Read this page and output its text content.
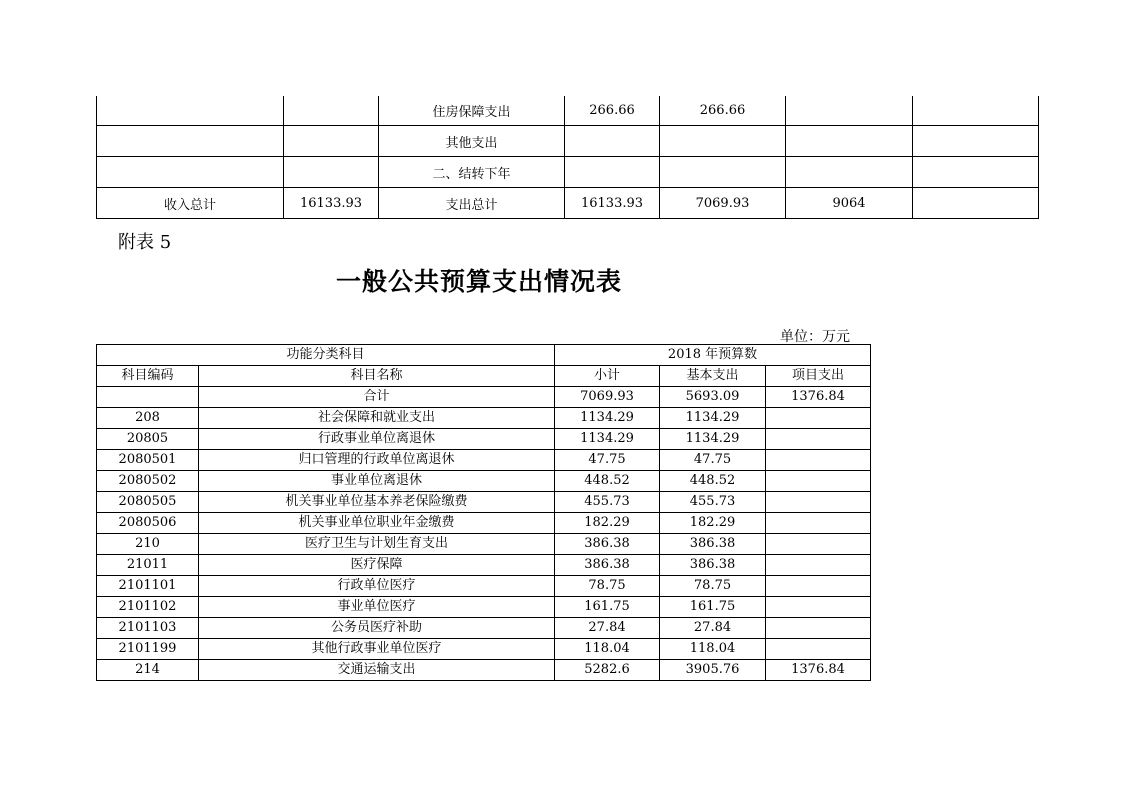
		住房保障支出	266.66	266.66		
		其他支出				
		二、结转下年				
收入总计	16133.93	支出总计	16133.93	7069.93	9064	
附表 5
一般公共预算支出情况表
单位：万元
功能分类科目		2018 年预算数		
科目编码	科目名称	小计	基本支出	项目支出
	合计	7069.93	5693.09	1376.84
208	社会保障和就业支出	1134.29	1134.29	
20805	行政事业单位离退休	1134.29	1134.29	
2080501	归口管理的行政单位离退休	47.75	47.75	
2080502	事业单位离退休	448.52	448.52	
2080505	机关事业单位基本养老保险缴费	455.73	455.73	
2080506	机关事业单位职业年金缴费	182.29	182.29	
210	医疗卫生与计划生育支出	386.38	386.38	
21011	医疗保障	386.38	386.38	
2101101	行政单位医疗	78.75	78.75	
2101102	事业单位医疗	161.75	161.75	
2101103	公务员医疗补助	27.84	27.84	
2101199	其他行政事业单位医疗	118.04	118.04	
214	交通运输支出	5282.6	3905.76	1376.84
